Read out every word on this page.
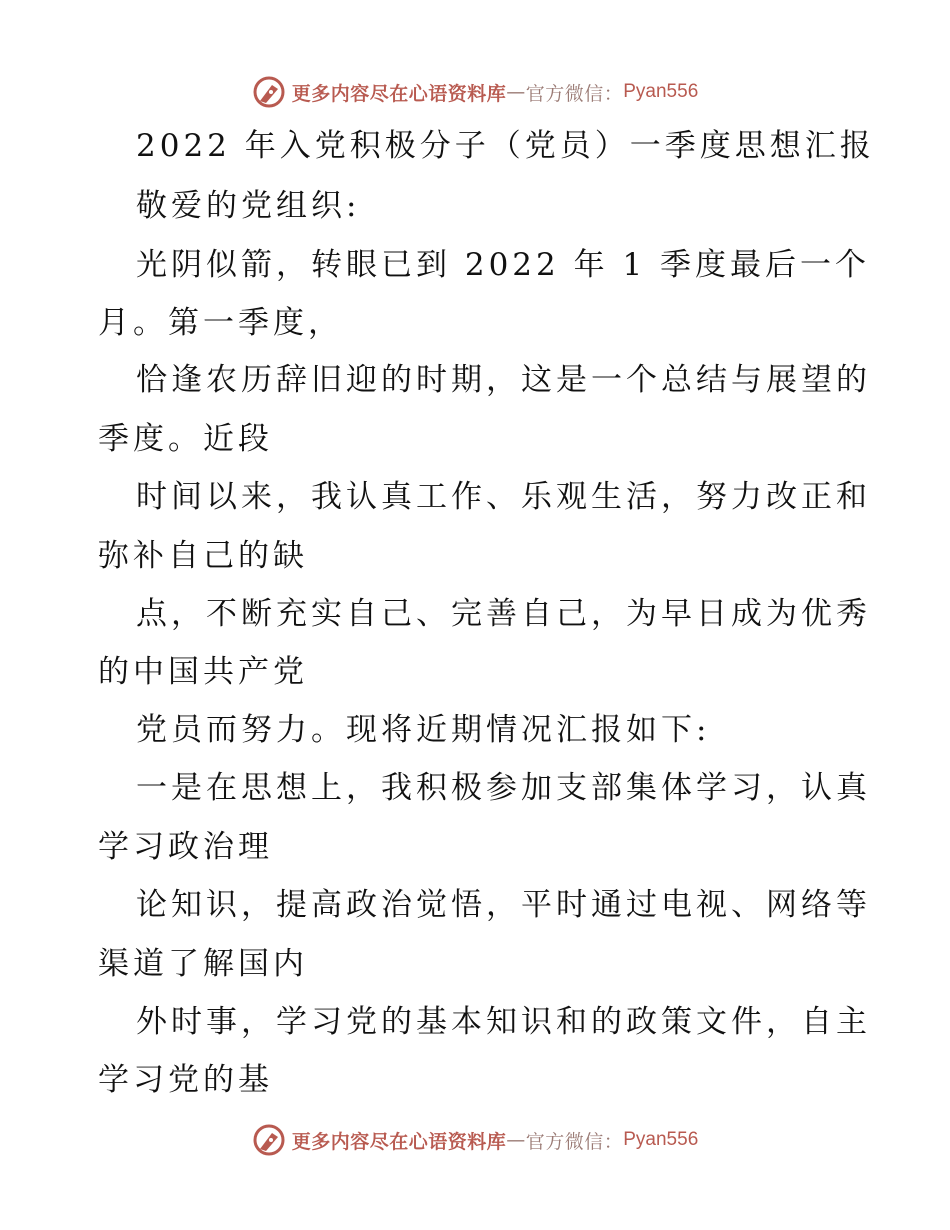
更多内容尽在心语资料库 — 官方微信： Pyan556
2022 年入党积极分子（党员）一季度思想汇报
敬爱的党组织:
光阴似箭，转眼已到 2022 年 1 季度最后一个
月。第一季度，
恰逢农历辞旧迎的时期，这是一个总结与展望的
季度。近段
时间以来，我认真工作、乐观生活，努力改正和
弥补自己的缺
点，不断充实自己、完善自己，为早日成为优秀
的中国共产党
党员而努力。现将近期情况汇报如下:
一是在思想上，我积极参加支部集体学习，认真
学习政治理
论知识，提高政治觉悟，平时通过电视、网络等
渠道了解国内
外时事，学习党的基本知识和的政策文件，自主
学习党的基
更多内容尽在心语资料库 — 官方微信： Pyan556
